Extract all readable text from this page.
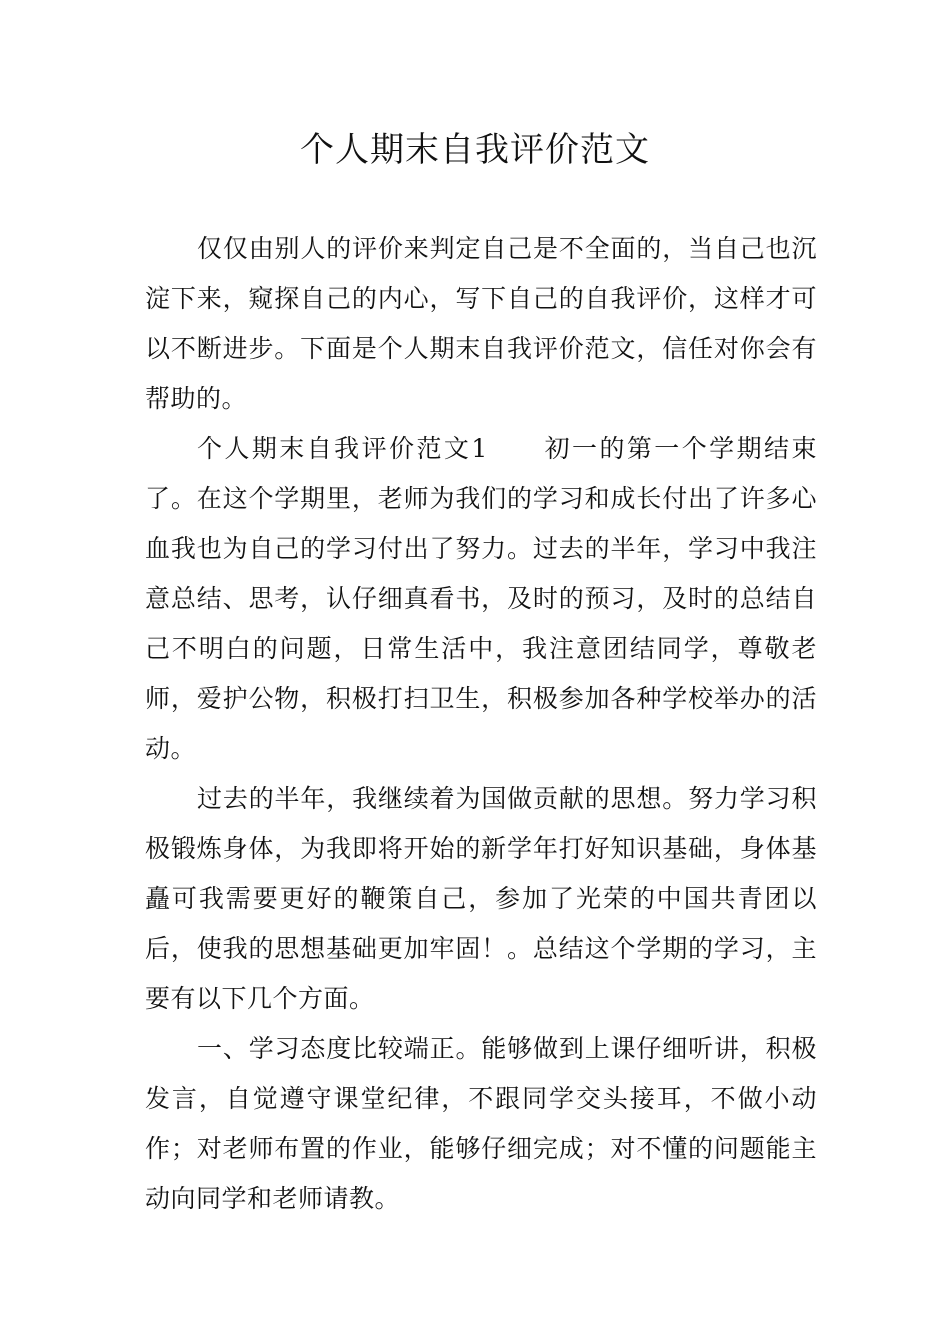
个人期末自我评价范文

仅仅由别人的评价来判定自己是不全面的，当自己也沉淀下来，窥探自己的内心，写下自己的自我评价，这样才可以不断进步。下面是个人期末自我评价范文，信任对你会有帮助的。

个人期末自我评价范文1　　初一的第一个学期结束了。在这个学期里，老师为我们的学习和成长付出了许多心血我也为自己的学习付出了努力。过去的半年，学习中我注意总结、思考，认仔细真看书，及时的预习，及时的总结自己不明白的问题，日常生活中，我注意团结同学，尊敬老师，爱护公物，积极打扫卫生，积极参加各种学校举办的活动。

过去的半年，我继续着为国做贡献的思想。努力学习积极锻炼身体，为我即将开始的新学年打好知识基础，身体基矗可我需要更好的鞭策自己，参加了光荣的中国共青团以后，使我的思想基础更加牢固！。总结这个学期的学习，主要有以下几个方面。

一、学习态度比较端正。能够做到上课仔细听讲，积极发言，自觉遵守课堂纪律，不跟同学交头接耳，不做小动作；对老师布置的作业，能够仔细完成；对不懂的问题能主动向同学和老师请教。
